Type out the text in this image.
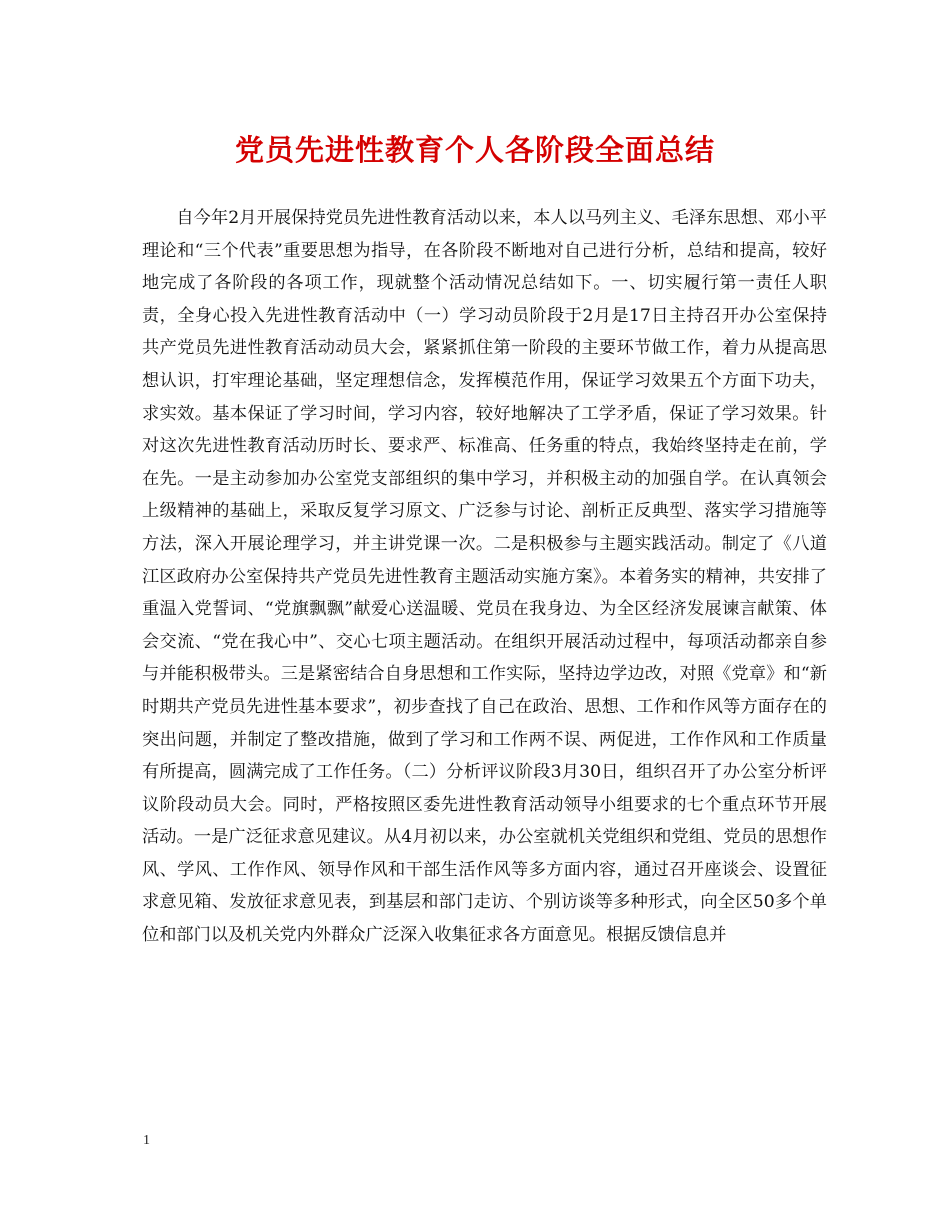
党员先进性教育个人各阶段全面总结

自今年2月开展保持党员先进性教育活动以来，本人以马列主义、毛泽东思想、邓小平理论和“三个代表”重要思想为指导，在各阶段不断地对自己进行分析，总结和提高，较好地完成了各阶段的各项工作，现就整个活动情况总结如下。一、切实履行第一责任人职责，全身心投入先进性教育活动中（一）学习动员阶段于2月是17日主持召开办公室保持共产党员先进性教育活动动员大会，紧紧抓住第一阶段的主要环节做工作，着力从提高思想认识，打牢理论基础，坚定理想信念，发挥模范作用，保证学习效果五个方面下功夫，求实效。基本保证了学习时间，学习内容，较好地解决了工学矛盾，保证了学习效果。针对这次先进性教育活动历时长、要求严、标准高、任务重的特点，我始终坚持走在前，学在先。一是主动参加办公室党支部组织的集中学习，并积极主动的加强自学。在认真领会上级精神的基础上，采取反复学习原文、广泛参与讨论、剖析正反典型、落实学习措施等方法，深入开展论理学习，并主讲党课一次。二是积极参与主题实践活动。制定了《八道江区政府办公室保持共产党员先进性教育主题活动实施方案》。本着务实的精神，共安排了重温入党誓词、“党旗飘飘”献爱心送温暖、党员在我身边、为全区经济发展谏言献策、体会交流、“党在我心中”、交心七项主题活动。在组织开展活动过程中，每项活动都亲自参与并能积极带头。三是紧密结合自身思想和工作实际，坚持边学边改，对照《党章》和“新时期共产党员先进性基本要求”，初步查找了自己在政治、思想、工作和作风等方面存在的突出问题，并制定了整改措施，做到了学习和工作两不误、两促进，工作作风和工作质量有所提高，圆满完成了工作任务。（二）分析评议阶段3月30日，组织召开了办公室分析评议阶段动员大会。同时，严格按照区委先进性教育活动领导小组要求的七个重点环节开展活动。一是广泛征求意见建议。从4月初以来，办公室就机关党组织和党组、党员的思想作风、学风、工作作风、领导作风和干部生活作风等多方面内容，通过召开座谈会、设置征求意见箱、发放征求意见表，到基层和部门走访、个别访谈等多种形式，向全区50多个单位和部门以及机关党内外群众广泛深入收集征求各方面意见。根据反馈信息并

1
